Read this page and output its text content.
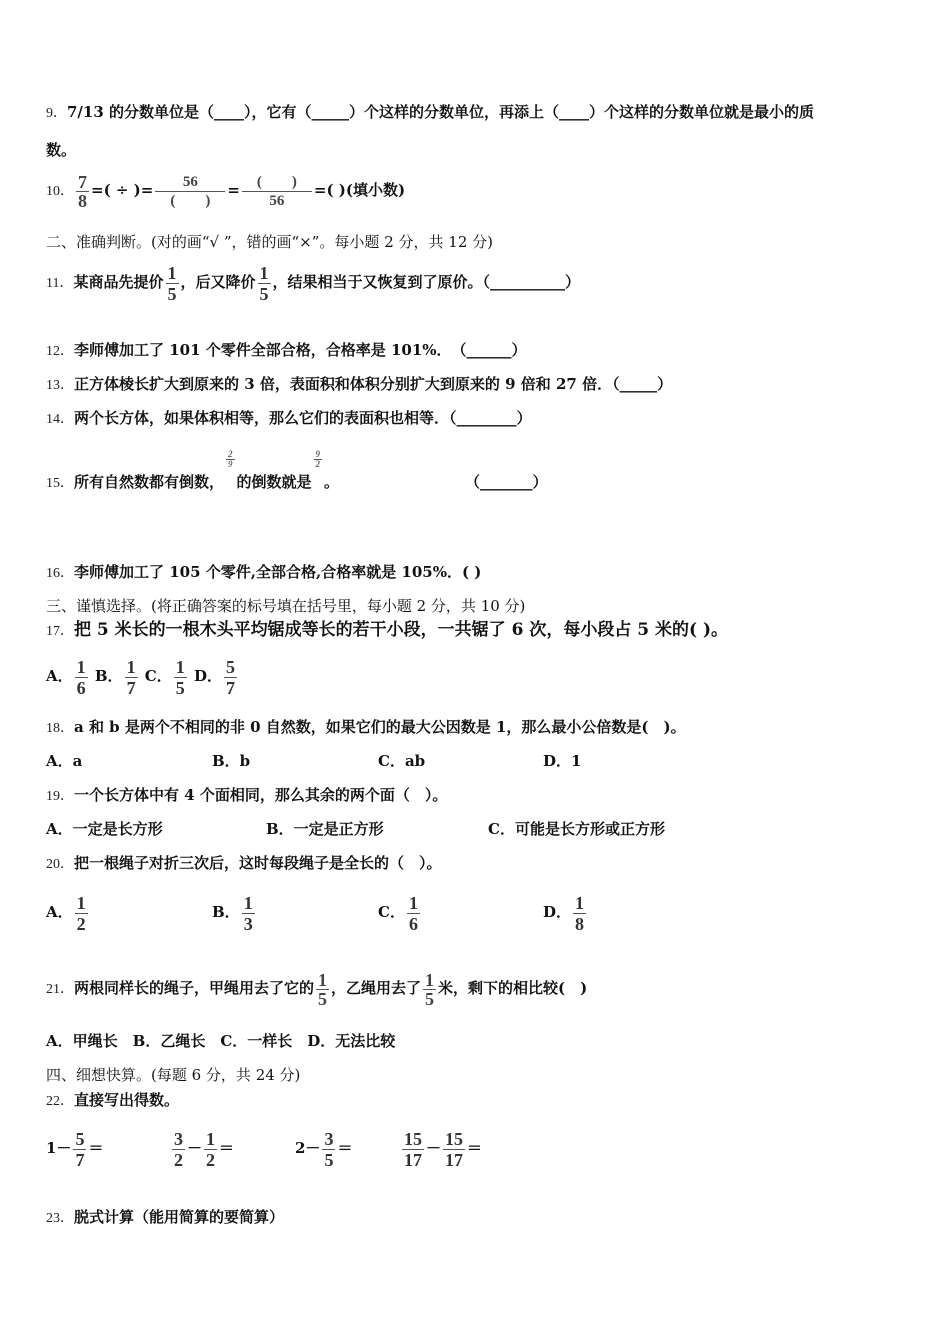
9．7/13 的分数单位是（____），它有（_____）个这样的分数单位，再添上（____）个这样的分数单位就是最小的质
数。
10． $\frac{7}{8}$ =( ÷ )= $\frac{56}{( )} = \frac{( )}{56}$ =( )(填小数)
二、准确判断。(对的画“√ ”，错的画“×”。每小题 2 分，共 12 分)
11．某商品先提价 $\frac{1}{5}$ ，后又降价 $\frac{1}{5}$ ，结果相当于又恢复到了原价。（__________）
12．李师傅加工了 101 个零件全部合格，合格率是 101%．　（______）
13．正方体棱长扩大到原来的 3 倍，表面积和体积分别扩大到原来的 9 倍和 27 倍．（_____）
14．两个长方体，如果体积相等，那么它们的表面积也相等．（________）
15．所有自然数都有倒数，
$\frac{2}{9}$
的倒数就是
$\frac{9}{2}$
。	（_______）
16．李师傅加工了 105 个零件,全部合格,合格率就是 105%．( )
三、谨慎选择。(将正确答案的标号填在括号里，每小题 2 分，共 10 分)
17．把 5 米长的一根木头平均锯成等长的若干小段，一共锯了 6 次，每小段占 5 米的( )。
A． $\frac{1}{6}$ B． $\frac{1}{7}$ C． $\frac{1}{5}$ D． $\frac{5}{7}$
18．a 和 b 是两个不相同的非 0 自然数，如果它们的最大公因数是 1，那么最小公倍数是(　)。
A．a	B．b	C．ab	D．1
19．一个长方体中有 4 个面相同，那么其余的两个面（　）。
A．一定是长方形	B．一定是正方形	C．可能是长方形或正方形
20．把一根绳子对折三次后，这时每段绳子是全长的（　）。
A． $\frac{1}{2}$	B． $\frac{1}{3}$	C． $\frac{1}{6}$	D． $\frac{1}{8}$
21．两根同样长的绳子，甲绳用去了它的 $\frac{1}{5}$ ，乙绳用去了 $\frac{1}{5}$ 米，剩下的相比较(　)
A．甲绳长　B．乙绳长　C．一样长　D．无法比较
四、细想快算。(每题 6 分，共 24 分)
22．直接写出得数。
$1- \frac{5}{7}$ ＝	$\frac{3}{2} - \frac{1}{2}$ ＝	$2- \frac{3}{5}$ ＝	$\frac{15}{17} - \frac{15}{17}$ ＝
23．脱式计算（能用简算的要简算）
